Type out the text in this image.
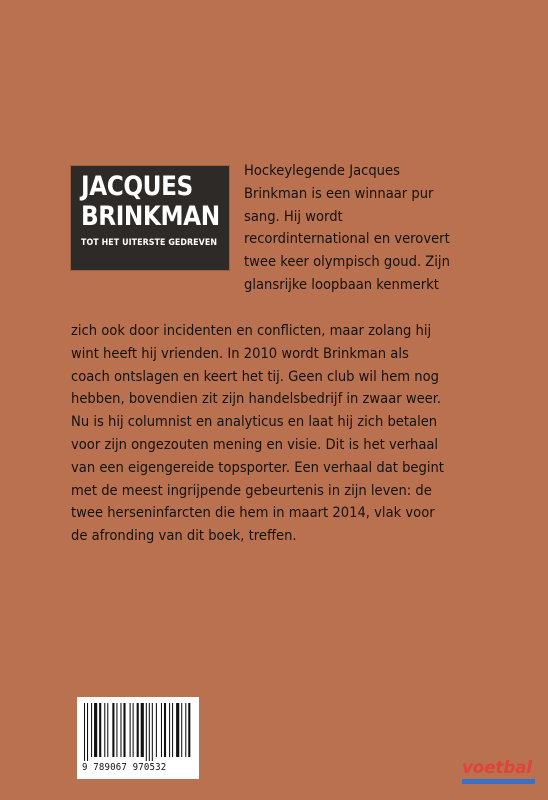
JACQUES
BRINKMAN
TOT HET UITERSTE GEDREVEN
Hockeylegende Jacques
Brinkman is een winnaar pur
sang. Hij wordt
recordinternational en verovert
twee keer olympisch goud. Zijn
glansrijke loopbaan kenmerkt
zich ook door incidenten en conflicten, maar zolang hij
wint heeft hij vrienden. In 2010 wordt Brinkman als
coach ontslagen en keert het tij. Geen club wil hem nog
hebben, bovendien zit zijn handelsbedrijf in zwaar weer.
Nu is hij columnist en analyticus en laat hij zich betalen
voor zijn ongezouten mening en visie. Dit is het verhaal
van een eigengereide topsporter. Een verhaal dat begint
met de meest ingrijpende gebeurtenis in zijn leven: de
twee herseninfarcten die hem in maart 2014, vlak voor
de afronding van dit boek, treffen.
9 789067 970532	voetbal
